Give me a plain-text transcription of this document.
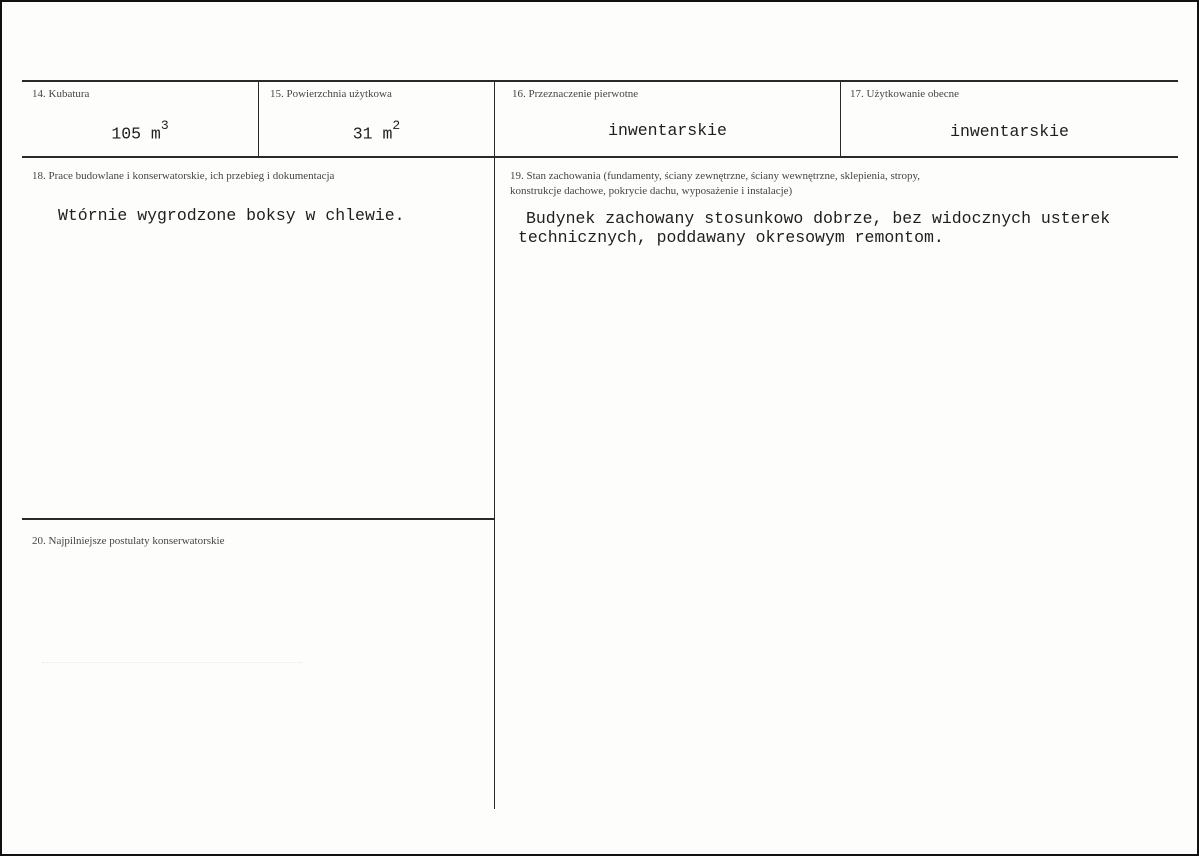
14. Kubatura
105 $m^3$
15. Powierzchnia użytkowa
31 $m^2$
16. Przeznaczenie pierwotne
inwentarskie
17. Użytkowanie obecne
inwentarskie
18. Prace budowlane i konserwatorskie, ich przebieg i dokumentacja
Wtórnie wygrodzone boksy w chlewie.
19. Stan zachowania (fundamenty, ściany zewnętrzne, ściany wewnętrzne, sklepienia, stropy,
konstrukcje dachowe, pokrycie dachu, wyposażenie i instalacje)
Budynek zachowany stosunkowo dobrze, bez widocznych usterek
technicznych, poddawany okresowym remontom.
20. Najpilniejsze postulaty konserwatorskie
